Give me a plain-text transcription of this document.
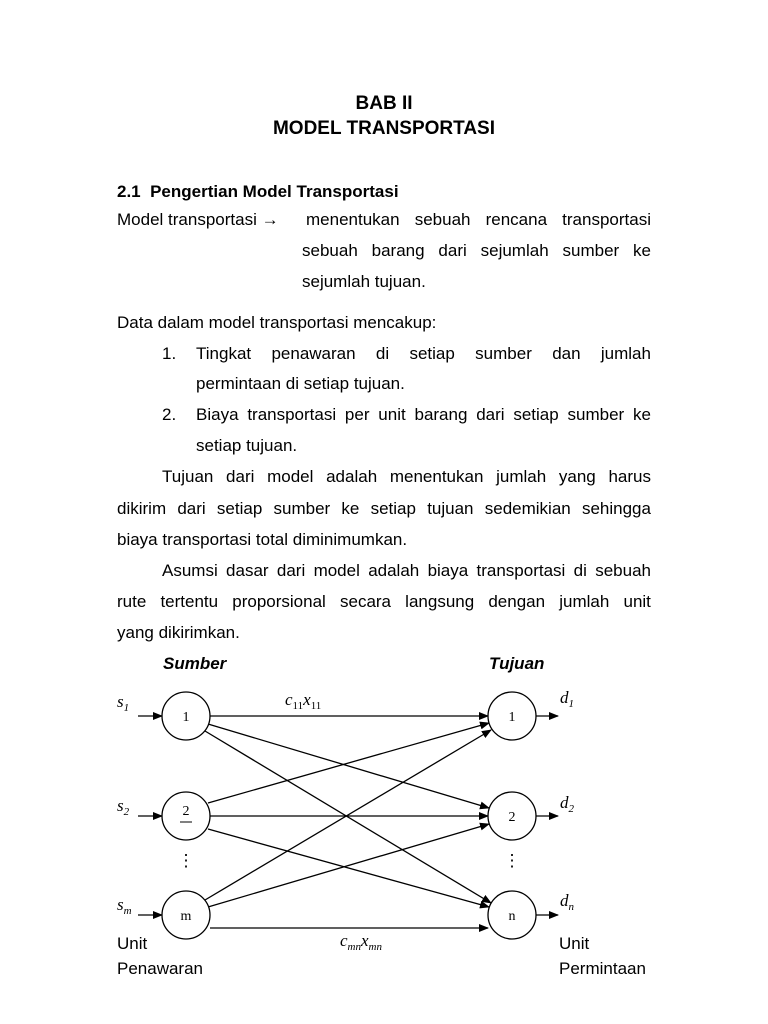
BAB II
MODEL TRANSPORTASI
2.1 Pengertian Model Transportasi
Model transportasi → menentukan sebuah rencana transportasi
sebuah barang dari sejumlah sumber ke
sejumlah tujuan.
Data dalam model transportasi mencakup:
1. Tingkat penawaran di setiap sumber dan jumlah
permintaan di setiap tujuan.
2. Biaya transportasi per unit barang dari setiap sumber ke
setiap tujuan.
Tujuan dari model adalah menentukan jumlah yang harus
dikirim dari setiap sumber ke setiap tujuan sedemikian sehingga
biaya transportasi total diminimumkan.
Asumsi dasar dari model adalah biaya transportasi di sebuah
rute tertentu proporsional secara langsung dengan jumlah unit
yang dikirimkan.
Sumber	Tujuan
$s_1$
$s_2$
$s_m$
$d_1$
$d_2$
$d_n$
1
2
m
1
2
n
⋮	⋮
$c_{11}x_{11}$
$c_{mn}x_{mn}$
Unit
Penawaran
Unit
Permintaan
